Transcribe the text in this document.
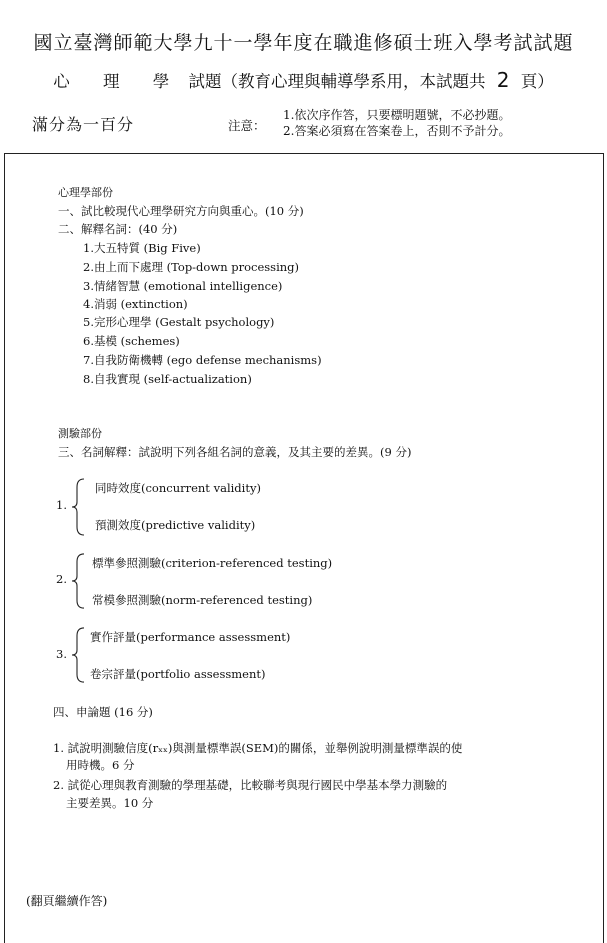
國立臺灣師範大學九十一學年度在職進修碩士班入學考試試題
心 理 學 試題（教育心理與輔導學系用，本試題共 2 頁）
滿分為一百分	注意：
1.依次序作答，只要標明題號，不必抄題。
2.答案必須寫在答案卷上，否則不予計分。
心理學部份
一、試比較現代心理學研究方向與重心。(10 分)
二、解釋名詞：(40 分)
1.大五特質 (Big Five)
2.由上而下處理 (Top-down processing)
3.情緒智慧 (emotional intelligence)
4.消弱 (extinction)
5.完形心理學 (Gestalt psychology)
6.基模 (schemes)
7.自我防衛機轉 (ego defense mechanisms)
8.自我實現 (self-actualization)
測驗部份
三、名詞解釋：試說明下列各組名詞的意義，及其主要的差異。(9 分)
1.
同時效度(concurrent validity)
預測效度(predictive validity)
2.
標準參照測驗(criterion-referenced testing)
常模參照測驗(norm-referenced testing)
3.
實作評量(performance assessment)
卷宗評量(portfolio assessment)
四、申論題 (16 分)
1. 試說明測驗信度(rₓₓ)與測量標準誤(SEM)的關係，並舉例說明測量標準誤的使
用時機。6 分
2. 試從心理與教育測驗的學理基礎，比較聯考與現行國民中學基本學力測驗的
主要差異。10 分
(翻頁繼續作答)
